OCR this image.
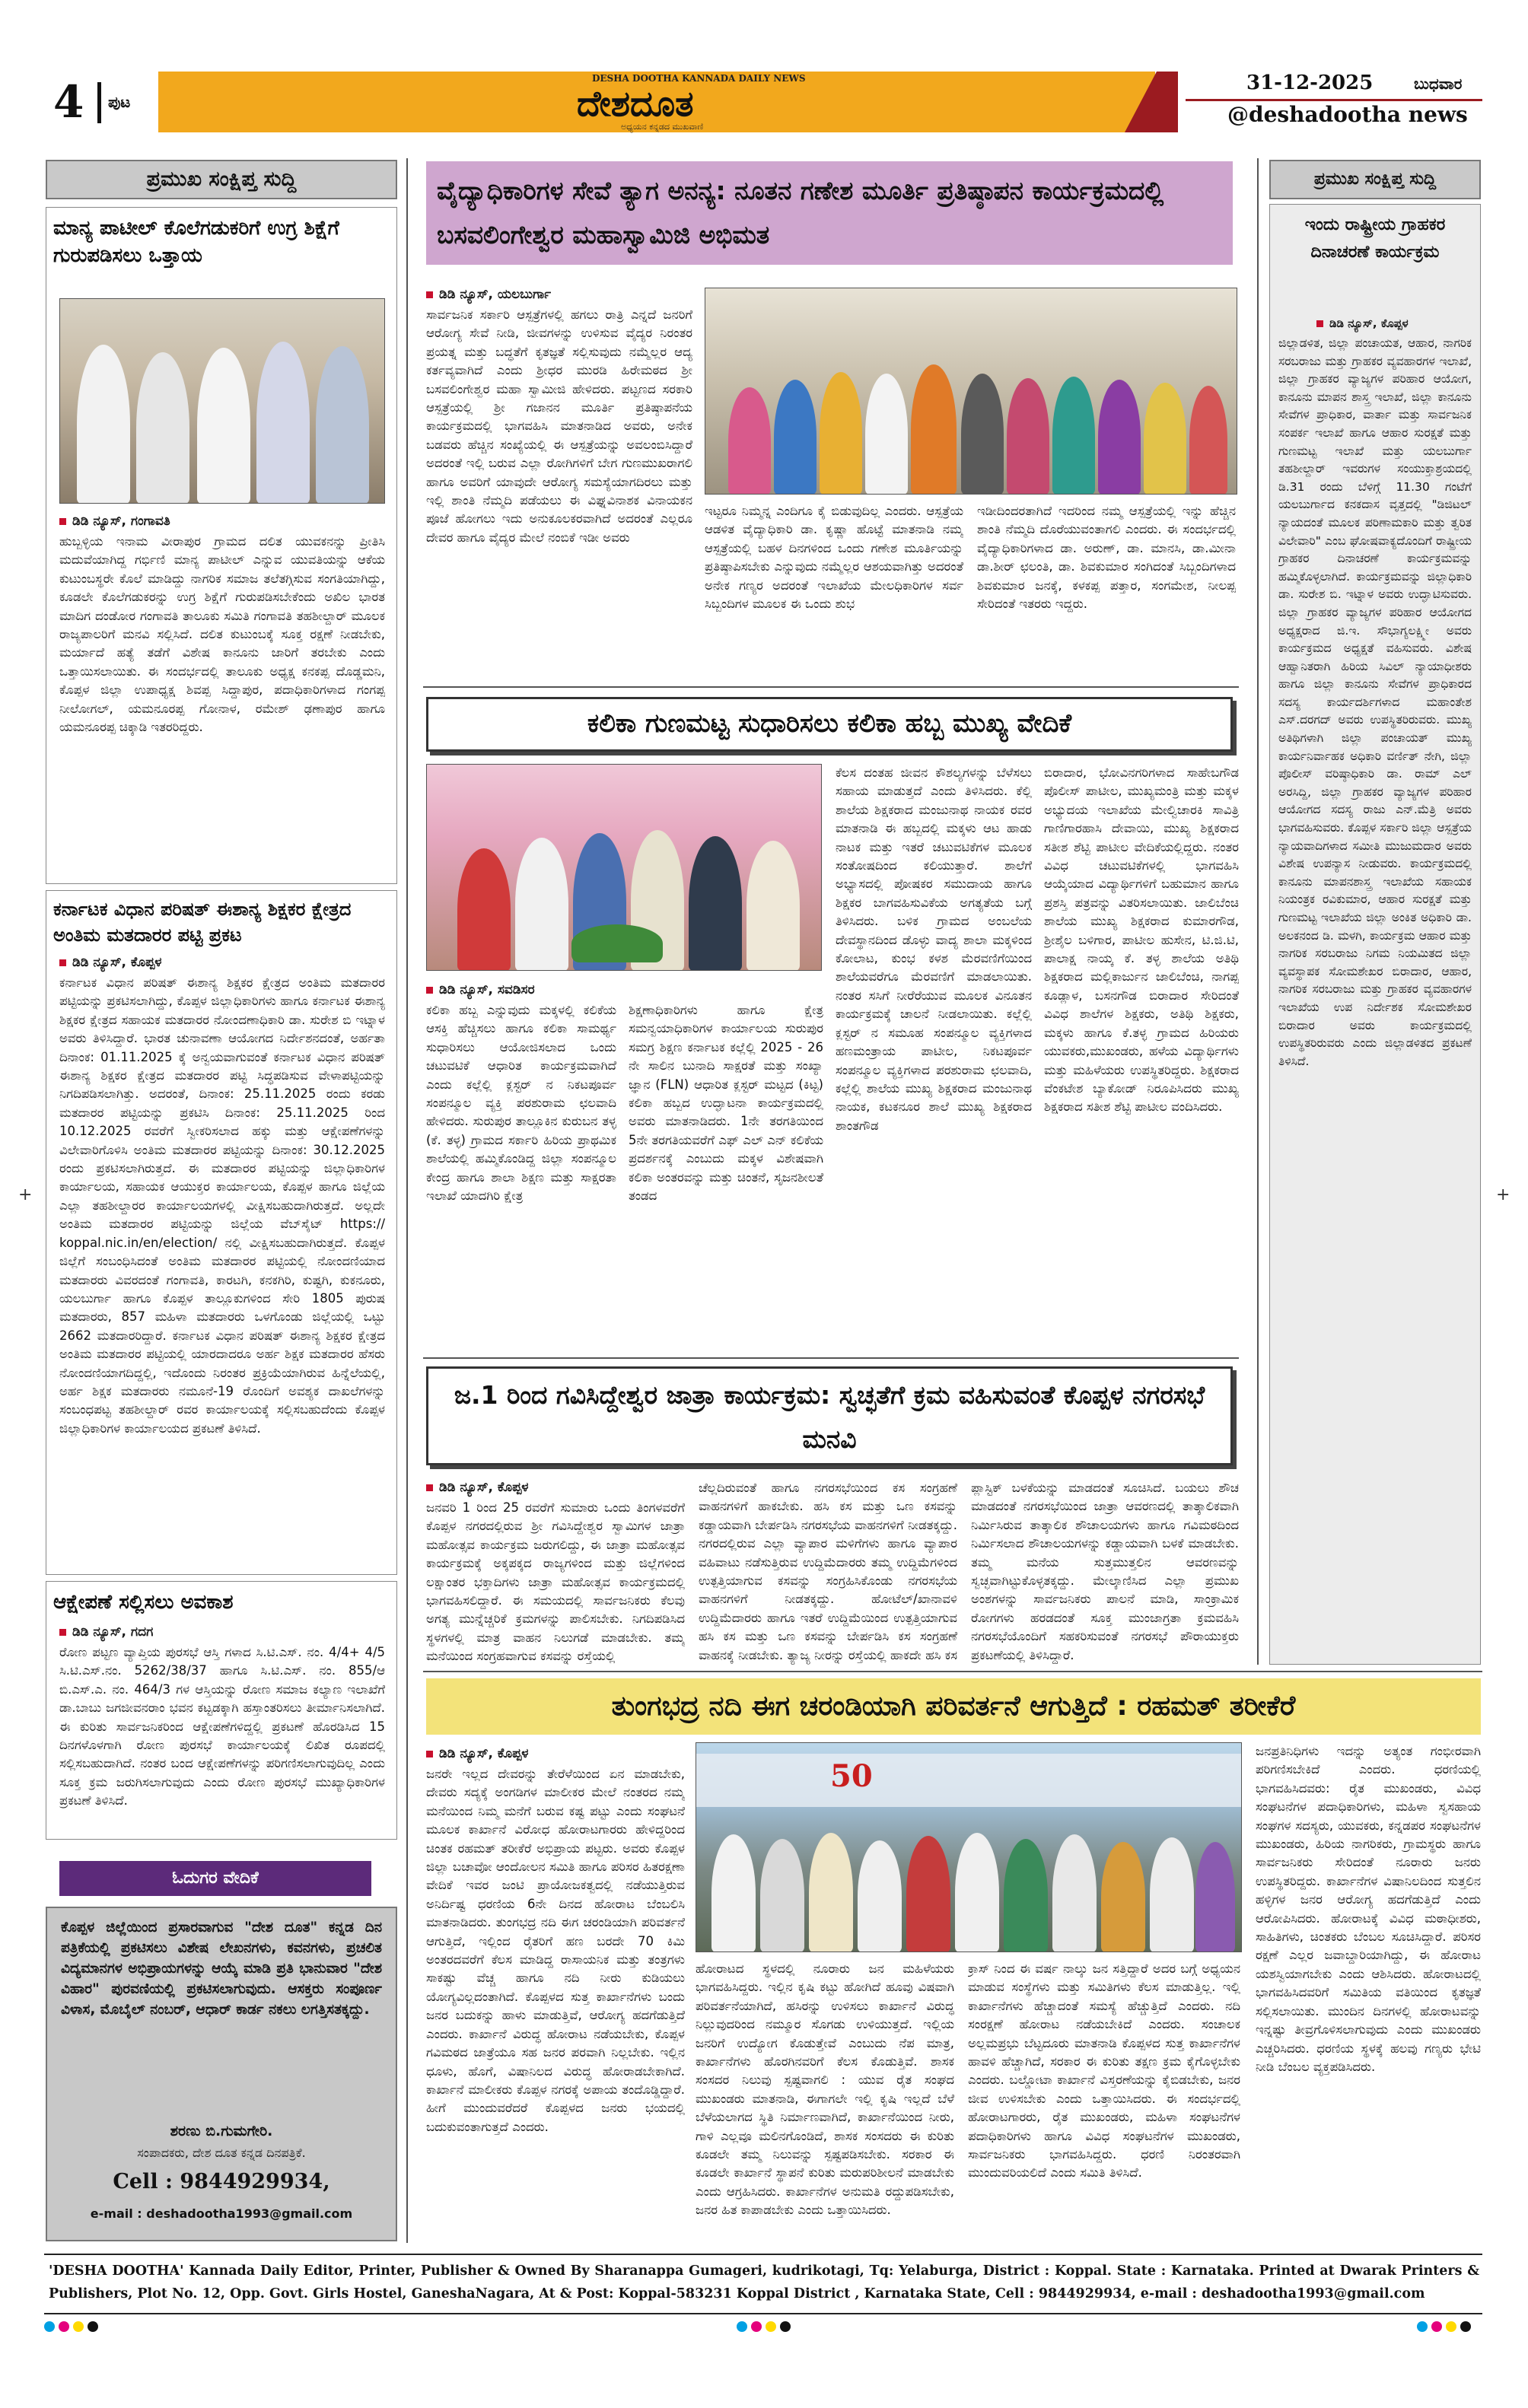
4 ಪುಟ
DESHA DOOTHA KANNADA DAILY NEWS
ದೇಶದೂತ
ಅಧ್ಯಯನ ಕನ್ನಡದ ಮುಖವಾಣಿ
31-12-2025	ಬುಧವಾರ
@deshadootha news
+	+
ಪ್ರಮುಖ ಸಂಕ್ಷಿಪ್ತ ಸುದ್ದಿ
ಮಾನ್ಯ ಪಾಟೀಲ್ ಕೊಲೆಗಡುಕರಿಗೆ ಉಗ್ರ ಶಿಕ್ಷೆಗೆ ಗುರುಪಡಿಸಲು ಒತ್ತಾಯ
ಡಿಡಿ ನ್ಯೂಸ್, ಗಂಗಾವತಿ
ಹುಬ್ಬಳ್ಳಿಯ ಇನಾಮ ವೀರಾಪುರ ಗ್ರಾಮದ ದಲಿತ ಯುವಕನನ್ನು ಪ್ರೀತಿಸಿ ಮದುವೆಯಾಗಿದ್ದ ಗರ್ಭಿಣಿ ಮಾನ್ಯ ಪಾಟೀಲ್ ಎನ್ನುವ ಯುವತಿಯನ್ನು ಆಕೆಯ ಕುಟುಂಬಸ್ಥರೇ ಕೊಲೆ ಮಾಡಿದ್ದು ನಾಗರಿಕ ಸಮಾಜ ತಲೆತಗ್ಗಿಸುವ ಸಂಗತಿಯಾಗಿದ್ದು, ಕೂಡಲೇ ಕೊಲೆಗಡುಕರನ್ನು ಉಗ್ರ ಶಿಕ್ಷೆಗೆ ಗುರುಪಡಿಸಬೇಕೆಂದು ಅಖಿಲ ಭಾರತ ಮಾದಿಗ ದಂಡೋರ ಗಂಗಾವತಿ ತಾಲೂಕು ಸಮಿತಿ ಗಂಗಾವತಿ ತಹಶೀಲ್ದಾರ್ ಮೂಲಕ ರಾಜ್ಯಪಾಲರಿಗೆ ಮನವಿ ಸಲ್ಲಿಸಿದೆ. ದಲಿತ ಕುಟುಂಬಕ್ಕೆ ಸೂಕ್ತ ರಕ್ಷಣೆ ನೀಡಬೇಕು, ಮರ್ಯಾದೆ ಹತ್ಯೆ ತಡೆಗೆ ವಿಶೇಷ ಕಾನೂನು ಜಾರಿಗೆ ತರಬೇಕು ಎಂದು ಒತ್ತಾಯಿಸಲಾಯಿತು. ಈ ಸಂದರ್ಭದಲ್ಲಿ ತಾಲೂಕು ಅಧ್ಯಕ್ಷ ಕನಕಪ್ಪ ದೊಡ್ಡಮನಿ, ಕೊಪ್ಪಳ ಜಿಲ್ಲಾ ಉಪಾಧ್ಯಕ್ಷ ಶಿವಪ್ಪ ಸಿದ್ದಾಪುರ, ಪದಾಧಿಕಾರಿಗಳಾದ ಗಂಗಪ್ಪ ನೀಲೋಗಲ್, ಯಮನೂರಪ್ಪ ಗೋನಾಳ, ರಮೇಶ್ ಢಣಾಪುರ ಹಾಗೂ ಯಮನೂರಪ್ಪ ಚಿಕ್ಕಾಡಿ ಇತರರಿದ್ದರು.
ಕರ್ನಾಟಕ ವಿಧಾನ ಪರಿಷತ್ ಈಶಾನ್ಯ ಶಿಕ್ಷಕರ ಕ್ಷೇತ್ರದ ಅಂತಿಮ ಮತದಾರರ ಪಟ್ಟಿ ಪ್ರಕಟ
ಡಿಡಿ ನ್ಯೂಸ್, ಕೊಪ್ಪಳ
ಕರ್ನಾಟಕ ವಿಧಾನ ಪರಿಷತ್ ಈಶಾನ್ಯ ಶಿಕ್ಷಕರ ಕ್ಷೇತ್ರದ ಅಂತಿಮ ಮತದಾರರ ಪಟ್ಟಿಯನ್ನು ಪ್ರಕಟಿಸಲಾಗಿದ್ದು, ಕೊಪ್ಪಳ ಜಿಲ್ಲಾಧಿಕಾರಿಗಳು ಹಾಗೂ ಕರ್ನಾಟಕ ಈಶಾನ್ಯ ಶಿಕ್ಷಕರ ಕ್ಷೇತ್ರದ ಸಹಾಯಕ ಮತದಾರರ ನೋಂದಣಾಧಿಕಾರಿ ಡಾ. ಸುರೇಶ ಬಿ ಇಟ್ನಾಳ ಅವರು ತಿಳಿಸಿದ್ದಾರೆ. ಭಾರತ ಚುನಾವಣಾ ಆಯೋಗದ ನಿರ್ದೇಶನದಂತೆ, ಅರ್ಹತಾ ದಿನಾಂಕ: 01.11.2025 ಕ್ಕೆ ಅನ್ವಯವಾಗುವಂತೆ ಕರ್ನಾಟಕ ವಿಧಾನ ಪರಿಷತ್ ಈಶಾನ್ಯ ಶಿಕ್ಷಕರ ಕ್ಷೇತ್ರದ ಮತದಾರರ ಪಟ್ಟಿ ಸಿದ್ಧಪಡಿಸುವ ವೇಳಾಪಟ್ಟಿಯನ್ನು ನಿಗದಿಪಡಿಸಲಾಗಿತ್ತು. ಅದರಂತೆ, ದಿನಾಂಕ: 25.11.2025 ರಂದು ಕರಡು ಮತದಾರರ ಪಟ್ಟಿಯನ್ನು ಪ್ರಕಟಿಸಿ ದಿನಾಂಕ: 25.11.2025 ರಿಂದ 10.12.2025 ರವರೆಗೆ ಸ್ವೀಕರಿಸಲಾದ ಹಕ್ಕು ಮತ್ತು ಆಕ್ಷೇಪಣೆಗಳನ್ನು ವಿಲೇವಾರಿಗೊಳಿಸಿ ಅಂತಿಮ ಮತದಾರರ ಪಟ್ಟಿಯನ್ನು ದಿನಾಂಕ: 30.12.2025 ರಂದು ಪ್ರಕಟಿಸಲಾಗಿರುತ್ತದೆ. ಈ ಮತದಾರರ ಪಟ್ಟಿಯನ್ನು ಜಿಲ್ಲಾಧಿಕಾರಿಗಳ ಕಾರ್ಯಾಲಯ, ಸಹಾಯಕ ಆಯುಕ್ತರ ಕಾರ್ಯಾಲಯ, ಕೊಪ್ಪಳ ಹಾಗೂ ಜಿಲ್ಲೆಯ ಎಲ್ಲಾ ತಹಶೀಲ್ದಾರರ ಕಾರ್ಯಾಲಯಗಳಲ್ಲಿ ವೀಕ್ಷಿಸಬಹುದಾಗಿರುತ್ತದೆ. ಅಲ್ಲದೇ ಅಂತಿಮ ಮತದಾರರ ಪಟ್ಟಿಯನ್ನು ಜಿಲ್ಲೆಯ ವೆಬ್‌ಸೈಟ್ https:// koppal.nic.in/en/election/ ನಲ್ಲಿ ವೀಕ್ಷಿಸಬಹುದಾಗಿರುತ್ತದೆ. ಕೊಪ್ಪಳ ಜಿಲ್ಲೆಗೆ ಸಂಬಂಧಿಸಿದಂತೆ ಅಂತಿಮ ಮತದಾರರ ಪಟ್ಟಿಯಲ್ಲಿ ನೋಂದಣಿಯಾದ ಮತದಾರರು ವಿವರದಂತೆ ಗಂಗಾವತಿ, ಕಾರಟಗಿ, ಕನಕಗಿರಿ, ಕುಷ್ಟಗಿ, ಕುಕನೂರು, ಯಲಬುರ್ಗಾ ಹಾಗೂ ಕೊಪ್ಪಳ ತಾಲ್ಲೂಕುಗಳಿಂದ ಸೇರಿ 1805 ಪುರುಷ ಮತದಾರರು, 857 ಮಹಿಳಾ ಮತದಾರರು ಒಳಗೊಂಡು ಜಿಲ್ಲೆಯಲ್ಲಿ ಒಟ್ಟು 2662 ಮತದಾರರಿದ್ದಾರೆ. ಕರ್ನಾಟಕ ವಿಧಾನ ಪರಿಷತ್ ಈಶಾನ್ಯ ಶಿಕ್ಷಕರ ಕ್ಷೇತ್ರದ ಅಂತಿಮ ಮತದಾರರ ಪಟ್ಟಿಯಲ್ಲಿ ಯಾರದಾದರೂ ಅರ್ಹ ಶಿಕ್ಷಕ ಮತದಾರರ ಹೆಸರು ನೋಂದಣಿಯಾಗದಿದ್ದಲ್ಲಿ, ಇದೊಂದು ನಿರಂತರ ಪ್ರಕ್ರಿಯೆಯಾಗಿರುವ ಹಿನ್ನೆಲೆಯಲ್ಲಿ, ಅರ್ಹ ಶಿಕ್ಷಕ ಮತದಾರರು ನಮೂನೆ-19 ರೊಂದಿಗೆ ಅವಶ್ಯಕ ದಾಖಲೆಗಳನ್ನು ಸಂಬಂಧಪಟ್ಟ ತಹಶೀಲ್ದಾರ್ ರವರ ಕಾರ್ಯಾಲಯಕ್ಕೆ ಸಲ್ಲಿಸಬಹುದೆಂದು ಕೊಪ್ಪಳ ಜಿಲ್ಲಾಧಿಕಾರಿಗಳ ಕಾರ್ಯಾಲಯದ ಪ್ರಕಟಣೆ ತಿಳಿಸಿದೆ.
ಆಕ್ಷೇಪಣೆ ಸಲ್ಲಿಸಲು ಅವಕಾಶ
ಡಿಡಿ ನ್ಯೂಸ್, ಗದಗ
ರೋಣ ಪಟ್ಟಣ ವ್ಯಾಪ್ತಿಯ ಪುರಸಭೆ ಆಸ್ತಿ ಗಳಾದ ಸಿ.ಟಿ.ಎಸ್. ನಂ. 4/4+ 4/5 ಸಿ.ಟಿ.ಎಸ್.ನಂ. 5262/38/37 ಹಾಗೂ ಸಿ.ಟಿ.ಎಸ್. ನಂ. 855/ಆ ಬಿ.ಎಸ್.ಎ. ನಂ. 464/3 ಗಳ ಆಸ್ತಿಯನ್ನು ರೋಣ ಸಮಾಜ ಕಲ್ಯಾಣ ಇಲಾಖೆಗೆ ಡಾ.ಬಾಬು ಜಗಜೀವನರಾಂ ಭವನ ಕಟ್ಟಡಕ್ಕಾಗಿ ಹಸ್ತಾಂತರಿಸಲು ತೀರ್ಮಾನಿಸಲಾಗಿದೆ. ಈ ಕುರಿತು ಸಾರ್ವಜನಿಕರಿಂದ ಆಕ್ಷೇಪಣೆಗಳಿದ್ದಲ್ಲಿ ಪ್ರಕಟಣೆ ಹೊರಡಿಸಿದ 15 ದಿನಗಳೊಳಗಾಗಿ ರೋಣ ಪುರಸಭೆ ಕಾರ್ಯಾಲಯಕ್ಕೆ ಲಿಖಿತ ರೂಪದಲ್ಲಿ ಸಲ್ಲಿಸಬಹುದಾಗಿದೆ. ನಂತರ ಬಂದ ಆಕ್ಷೇಪಣೆಗಳನ್ನು ಪರಿಗಣಿಸಲಾಗುವುದಿಲ್ಲ ಎಂದು ಸೂಕ್ತ ಕ್ರಮ ಜರುಗಿಸಲಾಗುವುದು ಎಂದು ರೋಣ ಪುರಸಭೆ ಮುಖ್ಯಾಧಿಕಾರಿಗಳ ಪ್ರಕಟಣೆ ತಿಳಿಸಿದೆ.
ಓದುಗರ ವೇದಿಕೆ
ಕೊಪ್ಪಳ ಜಿಲ್ಲೆಯಿಂದ ಪ್ರಸಾರವಾಗುವ "ದೇಶ ದೂತ" ಕನ್ನಡ ದಿನ ಪತ್ರಿಕೆಯಲ್ಲಿ ಪ್ರಕಟಿಸಲು ವಿಶೇಷ ಲೇಖನಗಳು, ಕವನಗಳು, ಪ್ರಚಲಿತ ವಿದ್ಯಮಾನಗಳ ಅಭಿಪ್ರಾಯಗಳನ್ನು ಆಯ್ಕೆ ಮಾಡಿ ಪ್ರತಿ ಭಾನುವಾರ "ದೇಶ ವಿಹಾರ" ಪುರವಣಿಯಲ್ಲಿ ಪ್ರಕಟಿಸಲಾಗುವುದು. ಆಸಕ್ತರು ಸಂಪೂರ್ಣ ವಿಳಾಸ, ಮೊಬೈಲ್ ನಂಬರ್, ಆಧಾರ್ ಕಾರ್ಡ ನಕಲು ಲಗತ್ತಿಸತಕ್ಕದ್ದು.
ಶರಣು ಬಿ.ಗುಮಗೇರಿ.
ಸಂಪಾದಕರು, ದೇಶ ದೂತ ಕನ್ನಡ ದಿನಪತ್ರಿಕೆ.
Cell : 9844929934,
e-mail : deshadootha1993@gmail.com
ವೈದ್ಯಾಧಿಕಾರಿಗಳ ಸೇವೆ ತ್ಯಾಗ ಅನನ್ಯ: ನೂತನ ಗಣೇಶ ಮೂರ್ತಿ ಪ್ರತಿಷ್ಠಾಪನ ಕಾರ್ಯಕ್ರಮದಲ್ಲಿ ಬಸವಲಿಂಗೇಶ್ವರ ಮಹಾಸ್ವಾಮಿಜಿ ಅಭಿಮತ
ಡಿಡಿ ನ್ಯೂಸ್, ಯಲಬುರ್ಗಾ
ಸಾರ್ವಜನಿಕ ಸರ್ಕಾರಿ ಆಸ್ಪತ್ರೆಗಳಲ್ಲಿ ಹಗಲು ರಾತ್ರಿ ಎನ್ನದೆ ಜನರಿಗೆ ಆರೋಗ್ಯ ಸೇವೆ ನೀಡಿ, ಜೀವಗಳನ್ನು ಉಳಿಸುವ ವೈದ್ಯರ ನಿರಂತರ ಪ್ರಯತ್ನ ಮತ್ತು ಬದ್ಧತೆಗೆ ಕೃತಜ್ಞತೆ ಸಲ್ಲಿಸುವುದು ನಮ್ಮೆಲ್ಲರ ಆದ್ಯ ಕರ್ತವ್ಯವಾಗಿದೆ ಎಂದು ಶ್ರೀಧರ ಮುರಡಿ ಹಿರೇಮಠದ ಶ್ರೀ ಬಸವಲಿಂಗೇಶ್ವರ ಮಹಾ ಸ್ವಾಮೀಜಿ ಹೇಳಿದರು. ಪಟ್ಟಣದ ಸರಕಾರಿ ಆಸ್ಪತ್ರೆಯಲ್ಲಿ ಶ್ರೀ ಗಜಾನನ ಮೂರ್ತಿ ಪ್ರತಿಷ್ಠಾಪನೆಯ ಕಾರ್ಯಕ್ರಮದಲ್ಲಿ ಭಾಗವಹಿಸಿ ಮಾತನಾಡಿದ ಅವರು, ಅನೇಕ ಬಡವರು ಹೆಚ್ಚಿನ ಸಂಖ್ಯೆಯಲ್ಲಿ ಈ ಆಸ್ಪತ್ರೆಯನ್ನು ಅವಲಂಬಿಸಿದ್ದಾರೆ ಅದರಂತೆ ಇಲ್ಲಿ ಬರುವ ಎಲ್ಲಾ ರೋಗಿಗಳಿಗೆ ಬೇಗ ಗುಣಮುಖರಾಗಲಿ ಹಾಗೂ ಅವರಿಗೆ ಯಾವುದೇ ಆರೋಗ್ಯ ಸಮಸ್ಯೆಯಾಗದಿರಲು ಮತ್ತು ಇಲ್ಲಿ ಶಾಂತಿ ನೆಮ್ಮದಿ ಪಡೆಯಲು ಈ ವಿಘ್ನವಿನಾಶಕ ವಿನಾಯಕನ ಪೂಜೆ ಹೋಗಲು ಇದು ಅನುಕೂಲಕರವಾಗಿದೆ ಅದರಂತೆ ಎಲ್ಲರೂ ದೇವರ ಹಾಗೂ ವೈದ್ಯರ ಮೇಲೆ ನಂಬಿಕೆ ಇಡೀ ಅವರು
ಇಟ್ಟರೂ ನಿಮ್ಮನ್ನ ಎಂದಿಗೂ ಕೈ ಬಿಡುವುದಿಲ್ಲ ಎಂದರು. ಆಸ್ಪತ್ರೆಯ ಆಡಳಿತ ವೈದ್ಯಾಧಿಕಾರಿ ಡಾ. ಕೃಷ್ಣಾ ಹೊಟ್ಟೆ ಮಾತನಾಡಿ ನಮ್ಮ ಆಸ್ಪತ್ರೆಯಲ್ಲಿ ಬಹಳ ದಿನಗಳಿಂದ ಒಂದು ಗಣೇಶ ಮೂರ್ತಿಯನ್ನು ಪ್ರತಿಷ್ಠಾಪಿಸಬೇಕು ಎನ್ನುವುದು ನಮ್ಮೆಲ್ಲರ ಆಶಯವಾಗಿತ್ತು ಅದರಂತೆ ಅನೇಕ ಗಣ್ಯರ ಅದರಂತೆ ಇಲಾಖೆಯ ಮೇಲಧಿಕಾರಿಗಳ ಸರ್ವ ಸಿಬ್ಬಂದಿಗಳ ಮೂಲಕ ಈ ಒಂದು ಶುಭ
ಇಡೀದಿಂದರತಾಗಿದೆ ಇದರಿಂದ ನಮ್ಮ ಆಸ್ಪತ್ರೆಯಲ್ಲಿ ಇನ್ನು ಹೆಚ್ಚಿನ ಶಾಂತಿ ನೆಮ್ಮದಿ ದೊರೆಯುವಂತಾಗಲಿ ಎಂದರು. ಈ ಸಂದರ್ಭದಲ್ಲಿ ವೈದ್ಯಾಧಿಕಾರಿಗಳಾದ ಡಾ. ಅರುಣ್, ಡಾ. ಮಾನಸಿ, ಡಾ.ಮೀನಾ ಡಾ.ಶೀರ್ ಛಲಂತಿ, ಡಾ. ಶಿವಕುಮಾರ ಸಂಗಿದಂತೆ ಸಿಬ್ಬಂದಿಗಳಾದ ಶಿವಕುಮಾರ ಜನಕ್ಕೆ, ಕಳಕಪ್ಪ ಪತ್ತಾರ, ಸಂಗಮೇಶ, ನೀಲಪ್ಪ ಸೇರಿದಂತೆ ಇತರರು ಇದ್ದರು.
ಕಲಿಕಾ ಗುಣಮಟ್ಟ ಸುಧಾರಿಸಲು ಕಲಿಕಾ ಹಬ್ಬ ಮುಖ್ಯ ವೇದಿಕೆ
ಕೆಲಸ ದಂತಹ ಜೀವನ ಕೌಶಲ್ಯಗಳನ್ನು ಬೆಳೆಸಲು ಸಹಾಯ ಮಾಡುತ್ತದೆ ಎಂದು ತಿಳಿಸಿದರು. ಕೆಲ್ಲಿ ಶಾಲೆಯ ಶಿಕ್ಷಕರಾದ ಮಂಜುನಾಥ ನಾಯಕ ರವರ ಮಾತನಾಡಿ ಈ ಹಬ್ಬದಲ್ಲಿ ಮಕ್ಕಳು ಆಟ ಹಾಡು ನಾಟಕ ಮತ್ತು ಇತರೆ ಚಟುವಟಿಕೆಗಳ ಮೂಲಕ ಸಂತೋಷದಿಂದ ಕಲಿಯುತ್ತಾರೆ. ಶಾಲೆಗೆ ಅಭ್ಯಾಸದಲ್ಲಿ ಪೋಷಕರ ಸಮುದಾಯ ಹಾಗೂ ಶಿಕ್ಷಕರ ಬಾಗವಹಿಸುವಿಕೆಯ ಅಗತ್ಯತೆಯ ಬಗ್ಗೆ ತಿಳಿಸಿದರು. ಬಳಿಕ ಗ್ರಾಮದ ಅಂಬಲೆಯ ದೇವಸ್ಥಾನದಿಂದ ಡೊಳ್ಳು ವಾದ್ಯ ಶಾಲಾ ಮಕ್ಕಳಿಂದ ಕೋಲಾಟ, ಕುಂಭ ಕಳಶ ಮೆರವಣಿಗೆಯಿಂದ ಶಾಲೆಯವರೆಗೂ ಮೆರವಣಿಗೆ ಮಾಡಲಾಯಿತು. ನಂತರ ಸಸಿಗೆ ನೀರೆರೆಯುವ ಮೂಲಕ ವಿನೂತನ ಕಾರ್ಯಕ್ರಮಕ್ಕೆ ಚಾಲನೆ ನೀಡಲಾಯಿತು. ಕಲ್ಲೆಲ್ಲಿ ಕ್ಲಸ್ಟರ್ ನ ಸಮೂಹ ಸಂಪನ್ಮೂಲ ವ್ಯಕ್ತಿಗಳಾದ ಹಣಮಂತ್ರಾಯ ಪಾಟೀಲ, ನಿಕಟಪೂರ್ವ ಸಂಪನ್ಮೂಲ ವ್ಯಕ್ತಿಗಳಾದ ಪರಶುರಾಮ ಛಲವಾದಿ, ಕಲ್ಲೆಲ್ಲಿ ಶಾಲೆಯ ಮುಖ್ಯ ಶಿಕ್ಷಕರಾದ ಮಂಜುನಾಥ ನಾಯಕ, ಕಟಕನೂರ ಶಾಲೆ ಮುಖ್ಯ ಶಿಕ್ಷಕರಾದ ಶಾಂತಗೌಡ
ಬಿರಾದಾರ, ಭೋವಿನಗರಿಗಳಾದ ಸಾಹೇಬಗೌಡ ಪೊಲೀಸ್ ಪಾಟೀಲ, ಮುಖ್ಯಮಂತ್ರಿ ಮತ್ತು ಮಕ್ಕಳ ಅಭ್ಯುದಯ ಇಲಾಖೆಯ ಮೇಲ್ವಿಚಾರಕಿ ಸಾವಿತ್ರಿ ಗಾಣಿಗಾರಹಾಸಿ ದೇವಾಯಿ, ಮುಖ್ಯ ಶಿಕ್ಷಕರಾದ ಸತೀಶ ಶೆಟ್ಟಿ ಪಾಟೀಲ ವೇದಿಕೆಯಲ್ಲಿದ್ದರು. ನಂತರ ವಿವಿಧ ಚಟುವಟಿಕೆಗಳಲ್ಲಿ ಭಾಗವಹಿಸಿ ಆಯ್ಕೆಯಾದ ವಿದ್ಯಾರ್ಥಿಗಳಿಗೆ ಬಹುಮಾನ ಹಾಗೂ ಪ್ರಶಸ್ತಿ ಪತ್ರವನ್ನು ವಿತರಿಸಲಾಯಿತು. ಜಾಲಿಬೆಂಚಿ ಶಾಲೆಯ ಮುಖ್ಯ ಶಿಕ್ಷಕರಾದ ಕುಮಾರಗೌಡ, ಶ್ರೀಶೈಲ ಬಳಿಗಾರ, ಪಾಟೀಲ ಹುಸೇನ, ಟಿ.ಜಿ.ಟಿ, ಪಾಲಾಕ್ಷ ನಾಯ್ಕ ಕೆ. ತಳ್ಳ ಶಾಲೆಯ ಅತಿಥಿ ಶಿಕ್ಷಕರಾದ ಮಲ್ಲಿಕಾರ್ಜುನ ಜಾಲಿಬೆಂಚಿ, ನಾಗಪ್ಪ ಕೂಡ್ಲಾಳ, ಬಸನಗೌಡ ಬಿರಾದಾರ ಸೇರಿದಂತೆ ವಿವಿಧ ಶಾಲೆಗಳ ಶಿಕ್ಷಕರು, ಅತಿಥಿ ಶಿಕ್ಷಕರು, ಮಕ್ಕಳು ಹಾಗೂ ಕೆ.ತಳ್ಳ ಗ್ರಾಮದ ಹಿರಿಯರು ಯುವಕರು,ಮುಖಂಡರು, ಹಳೆಯ ವಿದ್ಯಾರ್ಥಿಗಳು ಮತ್ತು ಮಹಿಳೆಯರು ಉಪಸ್ಥಿತರಿದ್ದರು. ಶಿಕ್ಷಕರಾದ ವೆಂಕಟೇಶ ಬ್ಯಾಕೋಡ್ ನಿರೂಪಿಸಿದರು ಮುಖ್ಯ ಶಿಕ್ಷಕರಾದ ಸತೀಶ ಶೆಟ್ಟಿ ಪಾಟೀಲ ವಂದಿಸಿದರು.
ಡಿಡಿ ನ್ಯೂಸ್, ಸವಡಿಸರ
ಕಲಿಕಾ ಹಬ್ಬ ಎನ್ನುವುದು ಮಕ್ಕಳಲ್ಲಿ ಕಲಿಕೆಯ ಆಸಕ್ತಿ ಹೆಚ್ಚಿಸಲು ಹಾಗೂ ಕಲಿಕಾ ಸಾಮರ್ಥ್ಯ ಸುಧಾರಿಸಲು ಆಯೋಜಿಸಲಾದ ಒಂದು ಚಟುವಟಿಕೆ ಆಧಾರಿತ ಕಾರ್ಯಕ್ರಮವಾಗಿದೆ ಎಂದು ಕಲ್ಲೆಲ್ಲಿ ಕ್ಲಸ್ಟರ್ ನ ನಿಕಟಪೂರ್ವ ಸಂಪನ್ಮೂಲ ವ್ಯಕ್ತಿ ಪರಶುರಾಮ ಛಲವಾದಿ ಹೇಳಿದರು. ಸುರುಪುರ ತಾಲ್ಲೂಕಿನ ಕುರುಬನ ತಳ್ಳ (ಕೆ. ತಳ್ಳ) ಗ್ರಾಮದ ಸರ್ಕಾರಿ ಹಿರಿಯ ಪ್ರಾಥಮಿಕ ಶಾಲೆಯಲ್ಲಿ ಹಮ್ಮಿಕೊಂಡಿದ್ದ ಜಿಲ್ಲಾ ಸಂಪನ್ಮೂಲ ಕೇಂದ್ರ ಹಾಗೂ ಶಾಲಾ ಶಿಕ್ಷಣ ಮತ್ತು ಸಾಕ್ಷರತಾ ಇಲಾಖೆ ಯಾದಗಿರಿ ಕ್ಷೇತ್ರ
ಶಿಕ್ಷಣಾಧಿಕಾರಿಗಳು ಹಾಗೂ ಕ್ಷೇತ್ರ ಸಮನ್ವಯಾಧಿಕಾರಿಗಳ ಕಾರ್ಯಾಲಯ ಸುರುಪುರ ಸಮಗ್ರ ಶಿಕ್ಷಣ ಕರ್ನಾಟಕ ಕಲ್ಲೆಲ್ಲಿ 2025 - 26 ನೇ ಸಾಲಿನ ಬುನಾದಿ ಸಾಕ್ಷರತೆ ಮತ್ತು ಸಂಖ್ಯಾ ಜ್ಞಾನ (FLN) ಆಧಾರಿತ ಕ್ಲಸ್ಟರ್ ಮಟ್ಟದ (ಕಿಟ್ಟ) ಕಲಿಕಾ ಹಬ್ಬದ ಉದ್ಘಾಟನಾ ಕಾರ್ಯಕ್ರಮದಲ್ಲಿ ಅವರು ಮಾತನಾಡಿದರು. 1ನೇ ತರಗತಿಯಿಂದ 5ನೇ ತರಗತಿಯವರೆಗೆ ಎಫ್ ಎಲ್ ಎನ್ ಕಲಿಕೆಯ ಪ್ರದರ್ಶನಕ್ಕೆ ಎಂಬುದು ಮಕ್ಕಳ ವಿಶೇಷವಾಗಿ ಕಲಿಕಾ ಅಂತರವನ್ನು ಮತ್ತು ಚಿಂತನೆ, ಸೃಜನಶೀಲತೆ ತಂಡದ
ಜ.1 ರಿಂದ ಗವಿಸಿದ್ದೇಶ್ವರ ಜಾತ್ರಾ ಕಾರ್ಯಕ್ರಮ: ಸ್ವಚ್ಛತೆಗೆ ಕ್ರಮ ವಹಿಸುವಂತೆ ಕೊಪ್ಪಳ ನಗರಸಭೆ ಮನವಿ
ಡಿಡಿ ನ್ಯೂಸ್, ಕೊಪ್ಪಳ
ಜನವರಿ 1 ರಿಂದ 25 ರವರೆಗೆ ಸುಮಾರು ಒಂದು ತಿಂಗಳವರೆಗೆ ಕೊಪ್ಪಳ ನಗರದಲ್ಲಿರುವ ಶ್ರೀ ಗವಿಸಿದ್ದೇಶ್ವರ ಸ್ವಾಮಿಗಳ ಜಾತ್ರಾ ಮಹೋತ್ಸವ ಕಾರ್ಯಕ್ರಮ ಜರುಗಲಿದ್ದು, ಈ ಜಾತ್ರಾ ಮಹೋತ್ಸವ ಕಾರ್ಯಕ್ರಮಕ್ಕೆ ಅಕ್ಕಪಕ್ಕದ ರಾಜ್ಯಗಳಿಂದ ಮತ್ತು ಜಿಲ್ಲೆಗಳಿಂದ ಲಕ್ಷಾಂತರ ಭಕ್ತಾದಿಗಳು ಜಾತ್ರಾ ಮಹೋತ್ಸವ ಕಾರ್ಯಕ್ರಮದಲ್ಲಿ ಭಾಗವಹಿಸಲಿದ್ದಾರೆ. ಈ ಸಮಯದಲ್ಲಿ ಸಾರ್ವಜನಿಕರು ಕೆಲವು ಅಗತ್ಯ ಮುನ್ನೆಚ್ಚರಿಕೆ ಕ್ರಮಗಳನ್ನು ಪಾಲಿಸಬೇಕು. ನಿಗದಿಪಡಿಸಿದ ಸ್ಥಳಗಳಲ್ಲಿ ಮಾತ್ರ ವಾಹನ ನಿಲುಗಡೆ ಮಾಡಬೇಕು. ತಮ್ಮ ಮನೆಯಿಂದ ಸಂಗ್ರಹವಾಗುವ ಕಸವನ್ನು ರಸ್ತೆಯಲ್ಲಿ
ಚೆಲ್ಲದಿರುವಂತೆ ಹಾಗೂ ನಗರಸಭೆಯಿಂದ ಕಸ ಸಂಗ್ರಹಣೆ ವಾಹನಗಳಿಗೆ ಹಾಕಬೇಕು. ಹಸಿ ಕಸ ಮತ್ತು ಒಣ ಕಸವನ್ನು ಕಡ್ಡಾಯವಾಗಿ ಬೇರ್ಪಡಿಸಿ ನಗರಸಭೆಯ ವಾಹನಗಳಿಗೆ ನೀಡತಕ್ಕದ್ದು. ನಗರದಲ್ಲಿರುವ ಎಲ್ಲಾ ವ್ಯಾಪಾರ ಮಳಿಗೆಗಳು ಹಾಗೂ ವ್ಯಾಪಾರ ವಹಿವಾಟು ನಡೆಸುತ್ತಿರುವ ಉದ್ದಿಮೆದಾರರು ತಮ್ಮ ಉದ್ದಿಮೆಗಳಿಂದ ಉತ್ಪತ್ತಿಯಾಗುವ ಕಸವನ್ನು ಸಂಗ್ರಹಿಸಿಕೊಂಡು ನಗರಸಭೆಯ ವಾಹನಗಳಿಗೆ ನೀಡತಕ್ಕದ್ದು. ಹೋಟೆಲ್/ಖಾನಾವಳಿ ಉದ್ದಿಮೆದಾರರು ಹಾಗೂ ಇತರೆ ಉದ್ದಿಮೆಯಿಂದ ಉತ್ಪತ್ತಿಯಾಗುವ ಹಸಿ ಕಸ ಮತ್ತು ಒಣ ಕಸವನ್ನು ಬೇರ್ಪಡಿಸಿ ಕಸ ಸಂಗ್ರಹಣೆ ವಾಹನಕ್ಕೆ ನೀಡಬೇಕು. ತ್ಯಾಜ್ಯ ನೀರನ್ನು ರಸ್ತೆಯಲ್ಲಿ ಹಾಕದೇ ಹಸಿ ಕಸ
ಪ್ಲಾಸ್ಟಿಕ್ ಬಳಕೆಯನ್ನು ಮಾಡದಂತೆ ಸೂಚಿಸಿದೆ. ಬಯಲು ಶೌಚ ಮಾಡದಂತೆ ನಗರಸಭೆಯಿಂದ ಜಾತ್ರಾ ಆವರಣದಲ್ಲಿ ತಾತ್ಕಾಲಿಕವಾಗಿ ನಿರ್ಮಿಸಿರುವ ತಾತ್ಕಾಲಿಕ ಶೌಚಾಲಯಗಳು ಹಾಗೂ ಗವಿಮಠದಿಂದ ನಿರ್ಮಿಸಲಾದ ಶೌಚಾಲಯಗಳನ್ನು ಕಡ್ಡಾಯವಾಗಿ ಬಳಕೆ ಮಾಡಬೇಕು. ತಮ್ಮ ಮನೆಯ ಸುತ್ತಮುತ್ತಲಿನ ಆವರಣವನ್ನು ಸ್ವಚ್ಛವಾಗಿಟ್ಟುಕೊಳ್ಳತಕ್ಕದ್ದು. ಮೇಲ್ಕಾಣಿಸಿದ ಎಲ್ಲಾ ಪ್ರಮುಖ ಅಂಶಗಳನ್ನು ಸಾರ್ವಜನಿಕರು ಪಾಲನೆ ಮಾಡಿ, ಸಾಂಕ್ರಾಮಿಕ ರೋಗಗಳು ಹರಡದಂತೆ ಸೂಕ್ತ ಮುಂಜಾಗ್ರತಾ ಕ್ರಮವಹಿಸಿ ನಗರಸಭೆಯೊಂದಿಗೆ ಸಹಕರಿಸುವಂತೆ ನಗರಸಭೆ ಪೌರಾಯುಕ್ತರು ಪ್ರಕಟಣೆಯಲ್ಲಿ ತಿಳಿಸಿದ್ದಾರೆ.
ಪ್ರಮುಖ ಸಂಕ್ಷಿಪ್ತ ಸುದ್ದಿ
ಇಂದು ರಾಷ್ಟ್ರೀಯ ಗ್ರಾಹಕರ ದಿನಾಚರಣೆ ಕಾರ್ಯಕ್ರಮ
ಡಿಡಿ ನ್ಯೂಸ್, ಕೊಪ್ಪಳ
ಜಿಲ್ಲಾಡಳಿತ, ಜಿಲ್ಲಾ ಪಂಚಾಯತ, ಆಹಾರ, ನಾಗರಿಕ ಸರಬರಾಜು ಮತ್ತು ಗ್ರಾಹಕರ ವ್ಯವಹಾರಗಳ ಇಲಾಖೆ, ಜಿಲ್ಲಾ ಗ್ರಾಹಕರ ವ್ಯಾಜ್ಯಗಳ ಪರಿಹಾರ ಆಯೋಗ, ಕಾನೂನು ಮಾಪನ ಶಾಸ್ತ್ರ ಇಲಾಖೆ, ಜಿಲ್ಲಾ ಕಾನೂನು ಸೇವೆಗಳ ಪ್ರಾಧಿಕಾರ, ವಾರ್ತಾ ಮತ್ತು ಸಾರ್ವಜನಿಕ ಸಂಪರ್ಕ ಇಲಾಖೆ ಹಾಗೂ ಆಹಾರ ಸುರಕ್ಷತೆ ಮತ್ತು ಗುಣಮಟ್ಟ ಇಲಾಖೆ ಮತ್ತು ಯಲಬುರ್ಗಾ ತಹಶೀಲ್ದಾರ್ ಇವರುಗಳ ಸಂಯುಕ್ತಾಶ್ರಯದಲ್ಲಿ ಡಿ.31 ರಂದು ಬೆಳಿಗ್ಗೆ 11.30 ಗಂಟೆಗೆ ಯಲಬುರ್ಗಾದ ಕನಕದಾಸ ವೃತ್ತದಲ್ಲಿ "ಡಿಜಿಟಲ್ ನ್ಯಾಯದಂತೆ ಮೂಲಕ ಪರಿಣಾಮಕಾರಿ ಮತ್ತು ತ್ವರಿತ ವಿಲೇವಾರಿ" ಎಂಬ ಘೋಷವಾಕ್ಯದೊಂದಿಗೆ ರಾಷ್ಟ್ರೀಯ ಗ್ರಾಹಕರ ದಿನಾಚರಣೆ ಕಾರ್ಯಕ್ರಮವನ್ನು ಹಮ್ಮಿಕೊಳ್ಳಲಾಗಿದೆ. ಕಾರ್ಯಕ್ರಮವನ್ನು ಜಿಲ್ಲಾಧಿಕಾರಿ ಡಾ. ಸುರೇಶ ಬಿ. ಇಟ್ನಾಳ ಅವರು ಉದ್ಘಾಟಿಸುವರು. ಜಿಲ್ಲಾ ಗ್ರಾಹಕರ ವ್ಯಾಜ್ಯಗಳ ಪರಿಹಾರ ಆಯೋಗದ ಅಧ್ಯಕ್ಷರಾದ ಜಿ.ಇ. ಸೌಭಾಗ್ಯಲಕ್ಷ್ಮೀ ಅವರು ಕಾರ್ಯಕ್ರಮದ ಅಧ್ಯಕ್ಷತೆ ವಹಿಸುವರು. ವಿಶೇಷ ಆಹ್ವಾನಿತರಾಗಿ ಹಿರಿಯ ಸಿವಿಲ್ ನ್ಯಾಯಾಧೀಶರು ಹಾಗೂ ಜಿಲ್ಲಾ ಕಾನೂನು ಸೇವೆಗಳ ಪ್ರಾಧಿಕಾರದ ಸದಸ್ಯ ಕಾರ್ಯದರ್ಶಿಗಳಾದ ಮಹಾಂತೇಶ ಎಸ್.ದರಗದ್ ಅವರು ಉಪಸ್ಥಿತರಿರುವರು. ಮುಖ್ಯ ಅತಿಥಿಗಳಾಗಿ ಜಿಲ್ಲಾ ಪಂಚಾಯತ್ ಮುಖ್ಯ ಕಾರ್ಯನಿರ್ವಾಹಕ ಅಧಿಕಾರಿ ವರ್ಣಿತ್ ನೇಗಿ, ಜಿಲ್ಲಾ ಪೊಲೀಸ್ ವರಿಷ್ಠಾಧಿಕಾರಿ ಡಾ. ರಾಮ್ ಎಲ್ ಅರಸಿದ್ದಿ, ಜಿಲ್ಲಾ ಗ್ರಾಹಕರ ವ್ಯಾಜ್ಯಗಳ ಪರಿಹಾರ ಆಯೋಗದ ಸದಸ್ಯ ರಾಜು ಎನ್.ಮೆತ್ರಿ ಅವರು ಭಾಗವಹಿಸುವರು. ಕೊಪ್ಪಳ ಸರ್ಕಾರಿ ಜಿಲ್ಲಾ ಆಸ್ಪತ್ರೆಯ ನ್ಯಾಯವಾದಿಗಳಾದ ಸಮೀತಿ ಮುಜುಮದಾರ ಅವರು ವಿಶೇಷ ಉಪನ್ಯಾಸ ನೀಡುವರು. ಕಾರ್ಯಕ್ರಮದಲ್ಲಿ ಕಾನೂನು ಮಾಪನಶಾಸ್ತ್ರ ಇಲಾಖೆಯ ಸಹಾಯಕ ನಿಯಂತ್ರಕ ರವಿಕುಮಾರ, ಆಹಾರ ಸುರಕ್ಷತೆ ಮತ್ತು ಗುಣಮಟ್ಟ ಇಲಾಖೆಯ ಜಿಲ್ಲಾ ಅಂಕಿತ ಅಧಿಕಾರಿ ಡಾ. ಅಲಕನಂದ ಡಿ. ಮಳಗಿ, ಕಾರ್ಯಕ್ರಮ ಆಹಾರ ಮತ್ತು ನಾಗರಿಕ ಸರಬರಾಜು ನಿಗಮ ನಿಯಮಿತದ ಜಿಲ್ಲಾ ವ್ಯವಸ್ಥಾಪಕ ಸೋಮಶೇಖರ ಬಿರಾದಾರ, ಆಹಾರ, ನಾಗರಿಕ ಸರಬರಾಜು ಮತ್ತು ಗ್ರಾಹಕರ ವ್ಯವಹಾರಗಳ ಇಲಾಖೆಯ ಉಪ ನಿರ್ದೇಶಕ ಸೋಮಶೇಖರ ಬಿರಾದಾರ ಅವರು ಕಾರ್ಯಕ್ರಮದಲ್ಲಿ ಉಪಸ್ಥಿತರಿರುವರು ಎಂದು ಜಿಲ್ಲಾಡಳಿತದ ಪ್ರಕಟಣೆ ತಿಳಿಸಿದೆ.
ತುಂಗಭದ್ರ ನದಿ ಈಗ ಚರಂಡಿಯಾಗಿ ಪರಿವರ್ತನೆ ಆಗುತ್ತಿದೆ : ರಹಮತ್ ತರೀಕೆರೆ
ಡಿಡಿ ನ್ಯೂಸ್, ಕೊಪ್ಪಳ
ಜನರೇ ಇಲ್ಲದ ದೇವರನ್ನು ತೇರೆಳೆಯಿಂದ ಏನ ಮಾಡಬೇಕು, ದೇವರು ಸದ್ಯಕ್ಕೆ ಅಂಗಡಿಗಳ ಮಾಲೀಕರ ಮೇಲೆ ನಂತರದ ನಮ್ಮ ಮನೆಯಿಂದ ನಿಮ್ಮ ಮನೆಗೆ ಬರುವ ಕಷ್ಟ ಪಟ್ಟು ಎಂದು ಸಂಘಟನೆ ಮೂಲಕ ಕಾರ್ಖಾನೆ ವಿರೋಧ ಹೋರಾಟಗಾರರು ಹೇಳಿದ್ದರಿಂದ ಚಿಂತಕ ರಹಮತ್ ತರೀಕೆರೆ ಅಭಿಪ್ರಾಯ ಪಟ್ಟರು. ಅವರು ಕೊಪ್ಪಳ ಜಿಲ್ಲಾ ಬಚಾವೋ ಆಂದೋಲನ ಸಮಿತಿ ಹಾಗೂ ಪರಿಸರ ಹಿತರಕ್ಷಣಾ ವೇದಿಕೆ ಇವರ ಜಂಟಿ ಪ್ರಾಯೋಜಕತ್ವದಲ್ಲಿ ನಡೆಯುತ್ತಿರುವ ಅನಿರ್ದಿಷ್ಟ ಧರಣಿಯ 6ನೇ ದಿನದ ಹೋರಾಟ ಬೆಂಬಲಿಸಿ ಮಾತನಾಡಿದರು. ತುಂಗಭದ್ರ ನದಿ ಈಗ ಚರಂಡಿಯಾಗಿ ಪರಿವರ್ತನೆ ಆಗುತ್ತಿದೆ, ಇಲ್ಲಿಂದ ರೈತರಿಗೆ ಹಣ ಬರದೇ 70 ಕಿಮಿ ಅಂತರದವರೆಗೆ ಕೆಲಸ ಮಾಡಿದ್ದ ರಾಸಾಯನಿಕ ಮತ್ತು ತಂತ್ರಗಳು ಸಾಕಷ್ಟು ವೆಚ್ಚ ಹಾಗೂ ನದಿ ನೀರು ಕುಡಿಯಲು ಯೋಗ್ಯವಿಲ್ಲದಂತಾಗಿದೆ. ಕೊಪ್ಪಳದ ಸುತ್ತ ಕಾರ್ಖಾನೆಗಳು ಬಂದು ಜನರ ಬದುಕನ್ನು ಹಾಳು ಮಾಡುತ್ತಿವೆ, ಆರೋಗ್ಯ ಹದಗೆಡುತ್ತಿದೆ ಎಂದರು. ಕಾರ್ಖಾನೆ ವಿರುದ್ಧ ಹೋರಾಟ ನಡೆಯಬೇಕು, ಕೊಪ್ಪಳ ಗವಿಮಠದ ಜಾತ್ರೆಯೂ ಸಹ ಜನರ ಪರವಾಗಿ ನಿಲ್ಲಬೇಕು. ಇಲ್ಲಿನ ಧೂಳು, ಹೊಗೆ, ವಿಷಾನಿಲದ ವಿರುದ್ಧ ಹೋರಾಡಬೇಕಾಗಿದೆ. ಕಾರ್ಖಾನೆ ಮಾಲೀಕರು ಕೊಪ್ಪಳ ನಗರಕ್ಕೆ ಅಪಾಯ ತಂದೊಡ್ಡಿದ್ದಾರೆ. ಹೀಗೆ ಮುಂದುವರೆದರೆ ಕೊಪ್ಪಳದ ಜನರು ಭಯದಲ್ಲಿ ಬದುಕುವಂತಾಗುತ್ತದೆ ಎಂದರು.
50
ಹೋರಾಟದ ಸ್ಥಳದಲ್ಲಿ ನೂರಾರು ಜನ ಮಹಿಳೆಯರು ಭಾಗವಹಿಸಿದ್ದರು. ಇಲ್ಲಿನ ಕೃಷಿ ಕಟ್ಟು ಹೋಗಿದೆ ಹೂವು ವಿಷವಾಗಿ ಪರಿವರ್ತನೆಯಾಗಿದೆ, ಹಸಿರನ್ನು ಉಳಿಸಲು ಕಾರ್ಖಾನೆ ವಿರುದ್ಧ ನಿಲ್ಲುವುದರಿಂದ ನಮ್ಮೂರ ಸೊಗಡು ಉಳಿಯುತ್ತದೆ. ಇಲ್ಲಿಯ ಜನರಿಗೆ ಉದ್ಯೋಗ ಕೊಡುತ್ತೇವೆ ಎಂಬುದು ನೆಪ ಮಾತ್ರ, ಕಾರ್ಖಾನೆಗಳು ಹೊರಗಿನವರಿಗೆ ಕೆಲಸ ಕೊಡುತ್ತಿವೆ. ಶಾಸಕ ಸಂಸದರ ನಿಲುವು ಸ್ಪಷ್ಟವಾಗಲಿ : ಯುವ ರೈತ ಸಂಘದ ಮುಖಂಡರು ಮಾತನಾಡಿ, ಈಗಾಗಲೇ ಇಲ್ಲಿ ಕೃಷಿ ಇಲ್ಲದೆ ಬೆಳೆ ಬೆಳೆಯಲಾಗದ ಸ್ಥಿತಿ ನಿರ್ಮಾಣವಾಗಿದೆ, ಕಾರ್ಖಾನೆಯಿಂದ ನೀರು, ಗಾಳಿ ಎಲ್ಲವೂ ಮಲಿನಗೊಂಡಿದೆ, ಶಾಸಕ ಸಂಸದರು ಈ ಕುರಿತು ಕೂಡಲೇ ತಮ್ಮ ನಿಲುವನ್ನು ಸ್ಪಷ್ಟಪಡಿಸಬೇಕು. ಸರಕಾರ ಈ ಕೂಡಲೇ ಕಾರ್ಖಾನೆ ಸ್ಥಾಪನೆ ಕುರಿತು ಮರುಪರಿಶೀಲನೆ ಮಾಡಬೇಕು ಎಂದು ಆಗ್ರಹಿಸಿದರು. ಕಾರ್ಖಾನೆಗಳ ಅನುಮತಿ ರದ್ದುಪಡಿಸಬೇಕು, ಜನರ ಹಿತ ಕಾಪಾಡಬೇಕು ಎಂದು ಒತ್ತಾಯಿಸಿದರು.
ಕ್ರಾಸ್ ನಿಂದ ಈ ವರ್ಷ ನಾಲ್ಕು ಜನ ಸತ್ತಿದ್ದಾರೆ ಅದರ ಬಗ್ಗೆ ಅಧ್ಯಯನ ಮಾಡುವ ಸಂಸ್ಥೆಗಳು ಮತ್ತು ಸಮಿತಿಗಳು ಕೆಲಸ ಮಾಡುತ್ತಿಲ್ಲ. ಇಲ್ಲಿ ಕಾರ್ಖಾನೆಗಳು ಹೆಚ್ಚಾದಂತೆ ಸಮಸ್ಯೆ ಹೆಚ್ಚುತ್ತಿದೆ ಎಂದರು. ನದಿ ಸಂರಕ್ಷಣೆ ಹೋರಾಟ ನಡೆಯಬೇಕಿದೆ ಎಂದರು. ಸಂಚಾಲಕ ಅಲ್ಲಮಪ್ರಭು ಬೆಟ್ಟದೂರು ಮಾತನಾಡಿ ಕೊಪ್ಪಳದ ಸುತ್ತ ಕಾರ್ಖಾನೆಗಳ ಹಾವಳಿ ಹೆಚ್ಚಾಗಿದೆ, ಸರಕಾರ ಈ ಕುರಿತು ತಕ್ಷಣ ಕ್ರಮ ಕೈಗೊಳ್ಳಬೇಕು ಎಂದರು. ಬಲ್ಡೋಟಾ ಕಾರ್ಖಾನೆ ವಿಸ್ತರಣೆಯನ್ನು ಕೈಬಿಡಬೇಕು, ಜನರ ಜೀವ ಉಳಿಸಬೇಕು ಎಂದು ಒತ್ತಾಯಿಸಿದರು. ಈ ಸಂದರ್ಭದಲ್ಲಿ ಹೋರಾಟಗಾರರು, ರೈತ ಮುಖಂಡರು, ಮಹಿಳಾ ಸಂಘಟನೆಗಳ ಪದಾಧಿಕಾರಿಗಳು ಹಾಗೂ ವಿವಿಧ ಸಂಘಟನೆಗಳ ಮುಖಂಡರು, ಸಾರ್ವಜನಿಕರು ಭಾಗವಹಿಸಿದ್ದರು. ಧರಣಿ ನಿರಂತರವಾಗಿ ಮುಂದುವರಿಯಲಿದೆ ಎಂದು ಸಮಿತಿ ತಿಳಿಸಿದೆ.
ಜನಪ್ರತಿನಿಧಿಗಳು ಇದನ್ನು ಅತ್ಯಂತ ಗಂಭೀರವಾಗಿ ಪರಿಗಣಿಸಬೇಕಿದೆ ಎಂದರು. ಧರಣಿಯಲ್ಲಿ ಭಾಗವಹಿಸಿದವರು: ರೈತ ಮುಖಂಡರು, ವಿವಿಧ ಸಂಘಟನೆಗಳ ಪದಾಧಿಕಾರಿಗಳು, ಮಹಿಳಾ ಸ್ವಸಹಾಯ ಸಂಘಗಳ ಸದಸ್ಯರು, ಯುವಕರು, ಕನ್ನಡಪರ ಸಂಘಟನೆಗಳ ಮುಖಂಡರು, ಹಿರಿಯ ನಾಗರಿಕರು, ಗ್ರಾಮಸ್ಥರು ಹಾಗೂ ಸಾರ್ವಜನಿಕರು ಸೇರಿದಂತೆ ನೂರಾರು ಜನರು ಉಪಸ್ಥಿತರಿದ್ದರು. ಕಾರ್ಖಾನೆಗಳ ವಿಷಾನಿಲದಿಂದ ಸುತ್ತಲಿನ ಹಳ್ಳಿಗಳ ಜನರ ಆರೋಗ್ಯ ಹದಗೆಡುತ್ತಿದೆ ಎಂದು ಆರೋಪಿಸಿದರು. ಹೋರಾಟಕ್ಕೆ ವಿವಿಧ ಮಠಾಧೀಶರು, ಸಾಹಿತಿಗಳು, ಚಿಂತಕರು ಬೆಂಬಲ ಸೂಚಿಸಿದ್ದಾರೆ. ಪರಿಸರ ರಕ್ಷಣೆ ಎಲ್ಲರ ಜವಾಬ್ದಾರಿಯಾಗಿದ್ದು, ಈ ಹೋರಾಟ ಯಶಸ್ವಿಯಾಗಬೇಕು ಎಂದು ಆಶಿಸಿದರು. ಹೋರಾಟದಲ್ಲಿ ಭಾಗವಹಿಸಿದವರಿಗೆ ಸಮಿತಿಯ ವತಿಯಿಂದ ಕೃತಜ್ಞತೆ ಸಲ್ಲಿಸಲಾಯಿತು. ಮುಂದಿನ ದಿನಗಳಲ್ಲಿ ಹೋರಾಟವನ್ನು ಇನ್ನಷ್ಟು ತೀವ್ರಗೊಳಿಸಲಾಗುವುದು ಎಂದು ಮುಖಂಡರು ಎಚ್ಚರಿಸಿದರು. ಧರಣಿಯ ಸ್ಥಳಕ್ಕೆ ಹಲವು ಗಣ್ಯರು ಭೇಟಿ ನೀಡಿ ಬೆಂಬಲ ವ್ಯಕ್ತಪಡಿಸಿದರು.
'DESHA DOOTHA' Kannada Daily Editor, Printer, Publisher & Owned By Sharanappa Gumageri, kudrikotagi, Tq: Yelaburga, District : Koppal. State : Karnataka. Printed at Dwarak Printers & Publishers, Plot No. 12, Opp. Govt. Girls Hostel, GaneshaNagara, At & Post: Koppal-583231 Koppal District , Karnataka State, Cell : 9844929934, e-mail : deshadootha1993@gmail.com
